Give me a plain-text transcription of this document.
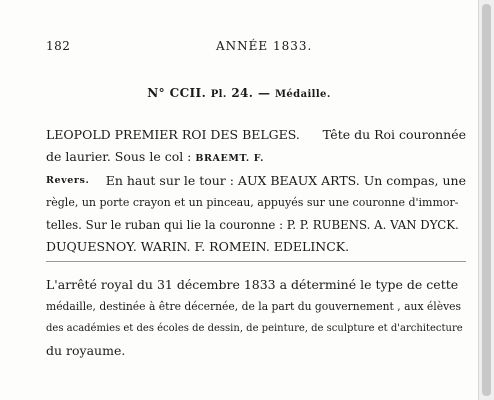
182	ANNÉE 1833.
N° CCII. Pl. 24. — Médaille.
LEOPOLD PREMIER ROI DES BELGES. Tête du Roi couronnée
de laurier. Sous le col : BRAEMT. F.
Revers. En haut sur le tour : AUX BEAUX ARTS. Un compas, une
règle, un porte crayon et un pinceau, appuyés sur une couronne d'immor-
telles. Sur le ruban qui lie la couronne : P. P. RUBENS. A. VAN DYCK.
DUQUESNOY. WARIN. F. ROMEIN. EDELINCK.
L'arrêté royal du 31 décembre 1833 a déterminé le type de cette
médaille, destinée à être décernée, de la part du gouvernement , aux élèves
des académies et des écoles de dessin, de peinture, de sculpture et d'architecture
du royaume.
